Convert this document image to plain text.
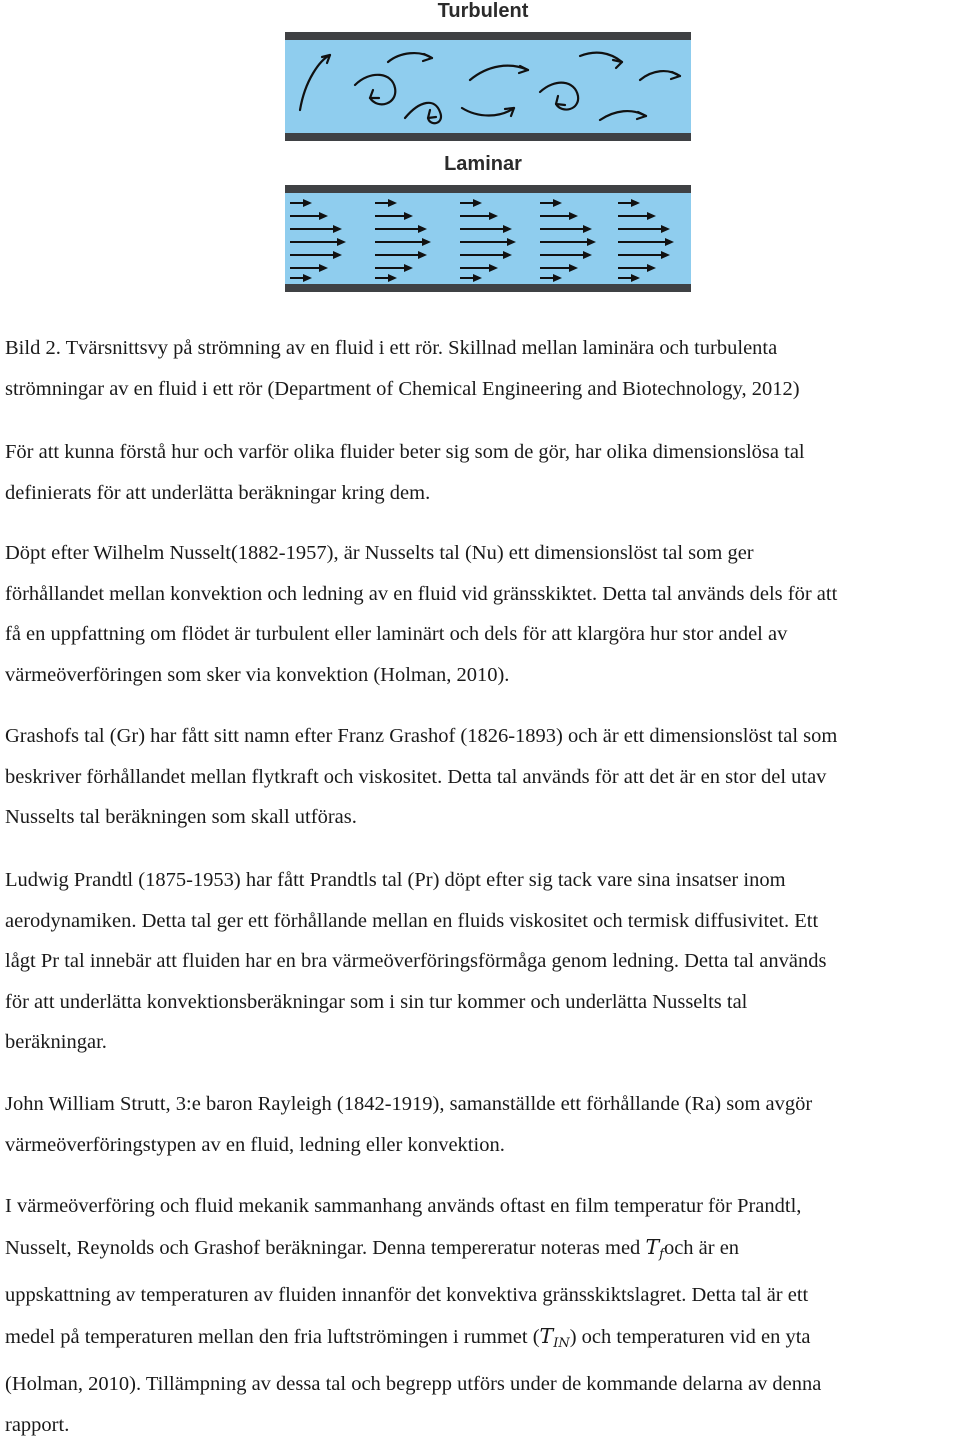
Turbulent
Laminar
Bild 2. Tvärsnittsvy på strömning av en fluid i ett rör. Skillnad mellan laminära och turbulenta
strömningar av en fluid i ett rör (Department of Chemical Engineering and Biotechnology, 2012)
För att kunna förstå hur och varför olika fluider beter sig som de gör, har olika dimensionslösa tal
definierats för att underlätta beräkningar kring dem.
Döpt efter Wilhelm Nusselt(1882-1957), är Nusselts tal (Nu) ett dimensionslöst tal som ger
förhållandet mellan konvektion och ledning av en fluid vid gränsskiktet. Detta tal används dels för att
få en uppfattning om flödet är turbulent eller laminärt och dels för att klargöra hur stor andel av
värmeöverföringen som sker via konvektion (Holman, 2010).
Grashofs tal (Gr) har fått sitt namn efter Franz Grashof (1826-1893) och är ett dimensionslöst tal som
beskriver förhållandet mellan flytkraft och viskositet. Detta tal används för att det är en stor del utav
Nusselts tal beräkningen som skall utföras.
Ludwig Prandtl (1875-1953) har fått Prandtls tal (Pr) döpt efter sig tack vare sina insatser inom
aerodynamiken. Detta tal ger ett förhållande mellan en fluids viskositet och termisk diffusivitet. Ett
lågt Pr tal innebär att fluiden har en bra värmeöverföringsförmåga genom ledning. Detta tal används
för att underlätta konvektionsberäkningar som i sin tur kommer och underlätta Nusselts tal
beräkningar.
John William Strutt, 3:e baron Rayleigh (1842-1919), samanställde ett förhållande (Ra) som avgör
värmeöverföringstypen av en fluid, ledning eller konvektion.
I värmeöverföring och fluid mekanik sammanhang används oftast en film temperatur för Prandtl,
Nusselt, Reynolds och Grashof beräkningar. Denna tempereratur noteras med $T_foch$ är en
uppskattning av temperaturen av fluiden innanför det konvektiva gränsskiktslagret. Detta tal är ett
medel på temperaturen mellan den fria luftströmingen i rummet $(T_{IN})$ och temperaturen vid en yta
(Holman, 2010). Tillämpning av dessa tal och begrepp utförs under de kommande delarna av denna
rapport.
